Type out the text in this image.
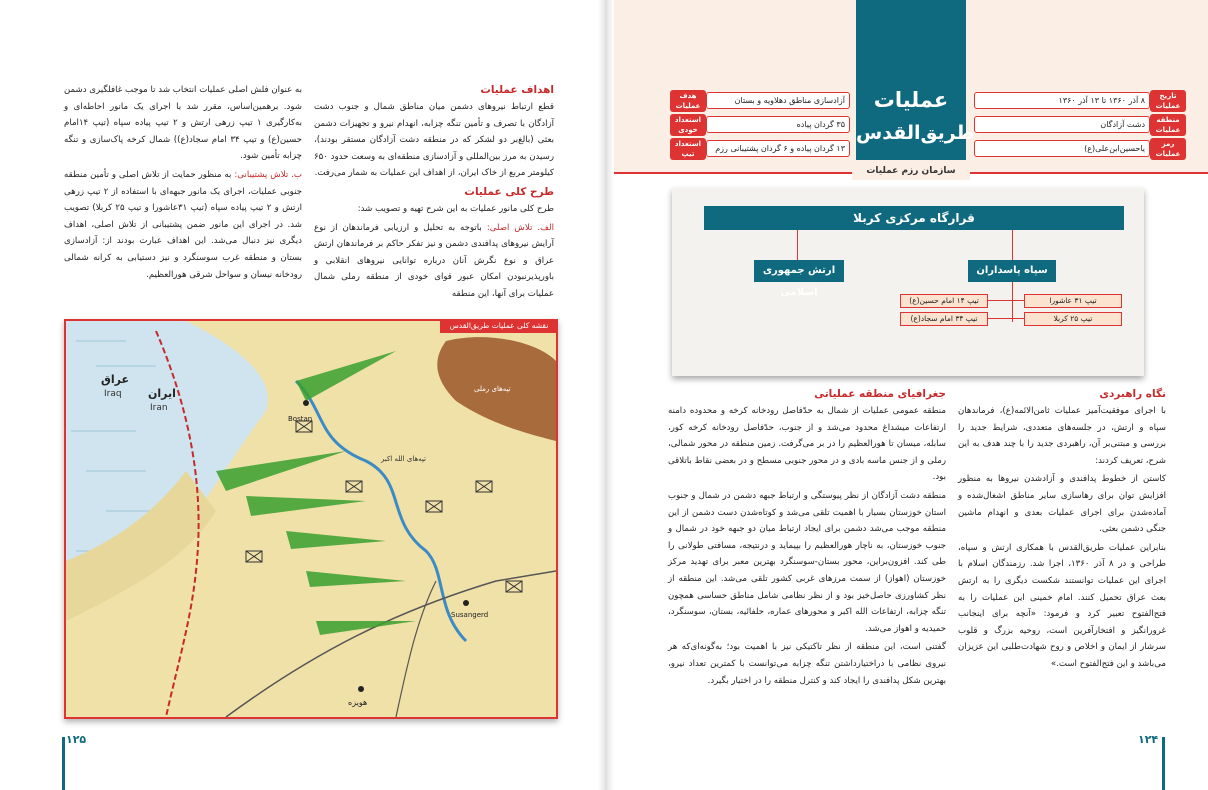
عملیات
طریق‌القدس
تاریخ عملیات
۸ آذر ۱۳۶۰ تا ۱۳ آذر ۱۳۶۰
منطقه عملیات
دشت آزادگان
رمز عملیات
یاحسین‌ابن‌علی(ع)
هدف عملیات
آزادسازی مناطق دهلاویه و بستان
استعداد خودی
۳۵ گردان پیاده
استعداد تیپ
۱۳ گردان پیاده و ۶ گردان پشتیبانی رزم
سازمان رزم عملیات
قرارگاه مرکزی کربلا
ارتش جمهوری اسلامی
سپاه پاسداران
تیپ ۱۴ امام حسین(ع)
تیپ ۳۴ امام سجاد(ع)
تیپ ۳۱ عاشورا
تیپ ۲۵ کربلا
نگاه راهبردی

با اجرای موفقیت‌آمیز عملیات ثامن‌الائمه(ع)، فرماندهان سپاه و ارتش، در جلسه‌های متعددی، شرایط جدید را بررسی و مبتنی‌بر آن، راهبردی جدید را با چند هدف به این شرح، تعریف کردند:

کاستن از خطوط پدافندی و آزادشدن نیروها به منظور افزایش توان برای رهاسازی سایر مناطق اشغال‌شده و آماده‌شدن برای اجرای عملیات بعدی و انهدام ماشین جنگی دشمن بعثی.

بنابراین عملیات طریق‌القدس با همکاری ارتش و سپاه، طراحی و در ۸ آذر ۱۳۶۰، اجرا شد. رزمندگان اسلام با اجرای این عملیات توانستند شکست دیگری را به ارتش بعث عراق تحمیل کنند. امام خمینی این عملیات را به فتح‌الفتوح تعبیر کرد و فرمود: «آنچه برای اینجانب غرورانگیز و افتخارآفرین است، روحیه بزرگ و قلوب سرشار از ایمان و اخلاص و روح شهادت‌طلبی این عزیزان می‌باشد و این فتح‌الفتوح است.»

جغرافیای منطقه عملیاتی

منطقه عمومی عملیات از شمال به حدّفاصل رودخانه کرخه و محدوده دامنه ارتفاعات میشداغ محدود می‌شد و از جنوب، حدّفاصل رودخانه کرخه کور، سابله، میسان تا هورالعظیم را در بر می‌گرفت. زمین منطقه در محور شمالی، رملی و از جنس ماسه بادی و در محور جنوبی مسطح و در بعضی نقاط باتلاقی بود.

منطقه دشت آزادگان از نظر پیوستگی و ارتباط جبهه دشمن در شمال و جنوب استان خوزستان بسیار با اهمیت تلقی می‌شد و کوتاه‌شدن دست دشمن از این منطقه موجب می‌شد دشمن برای ایجاد ارتباط میان دو جبهه خود در شمال و جنوب خوزستان، به ناچار هورالعظیم را بپیماید و درنتیجه، مسافتی طولانی را طی کند. افزون‌براین، محور بستان-سوسنگرد بهترین معبر برای تهدید مرکز خوزستان (اهواز) از سمت مرزهای غربی کشور تلقی می‌شد. این منطقه از نظر کشاورزی حاصل‌خیز بود و از نظر نظامی شامل مناطق حساسی همچون تنگه چزابه، ارتفاعات الله اکبر و محورهای عماره، حلفائیه، بستان، سوسنگرد، حمیدیه و اهواز می‌شد.

گفتنی است، این منطقه از نظر تاکتیکی نیز با اهمیت بود؛ به‌گونه‌ای‌که هر نیروی نظامی با دراختیارداشتن تنگه چزابه می‌توانست با کمترین تعداد نیرو، بهترین شکل پدافندی را ایجاد کند و کنترل منطقه را در اختیار بگیرد.

اهداف عملیات

قطع ارتباط نیروهای دشمن میان مناطق شمال و جنوب دشت آزادگان با تصرف و تأمین تنگه چزابه، انهدام نیرو و تجهیزات دشمن بعثی (بالغ‌بر دو لشکر که در منطقه دشت آزادگان مستقر بودند)، رسیدن به مرز بین‌المللی و آزادسازی منطقه‌ای به وسعت حدود ۶۵۰ کیلومتر مربع از خاک ایران، از اهداف این عملیات به شمار می‌رفت.

طرح کلی عملیات

طرح کلی مانور عملیات به این شرح تهیه و تصویب شد:

الف. تلاش اصلی: باتوجه به تحلیل و ارزیابی فرماندهان از نوع آرایش نیروهای پدافندی دشمن و نیز تفکر حاکم بر فرماندهان ارتش عراق و نوع نگرش آنان درباره توانایی نیروهای انقلابی و باورپذیرنبودن امکان عبور قوای خودی از منطقه رملی شمال عملیات برای آنها، این منطقه

به عنوان فلش اصلی عملیات انتخاب شد تا موجب غافلگیری دشمن شود. برهمین‌اساس، مقرر شد با اجرای یک مانور احاطه‌ای و به‌کارگیری ۱ تیپ زرهی ارتش و ۲ تیپ پیاده سپاه (تیپ ۱۴امام حسین(ع) و تیپ ۳۴ امام سجاد(ع)) شمال کرخه پاک‌سازی و تنگه چزابه تأمین شود.

ب. تلاش پشتیبانی: به منظور حمایت از تلاش اصلی و تأمین منطقه جنوبی عملیات، اجرای یک مانور جبهه‌ای با استفاده از ۲ تیپ زرهی ارتش و ۲ تیپ پیاده سپاه (تیپ ۳۱عاشورا و تیپ ۲۵ کربلا) تصویب شد. در اجرای این مانور ضمن پشتیبانی از تلاش اصلی، اهداف دیگری نیز دنبال می‌شد. این اهداف عبارت بودند از: آزادسازی بستان و منطقه غرب سوسنگرد و نیز دستیابی به کرانه شمالی رودخانه نیسان و سواحل شرقی هورالعظیم.

عراق
Iraq ایران
Iran
تپه‌های رملی
تپه‌های الله اکبر
Bostan
Susangerd
هویزه
نقشه کلی عملیات طریق‌القدس
۱۲۵	۱۲۴
